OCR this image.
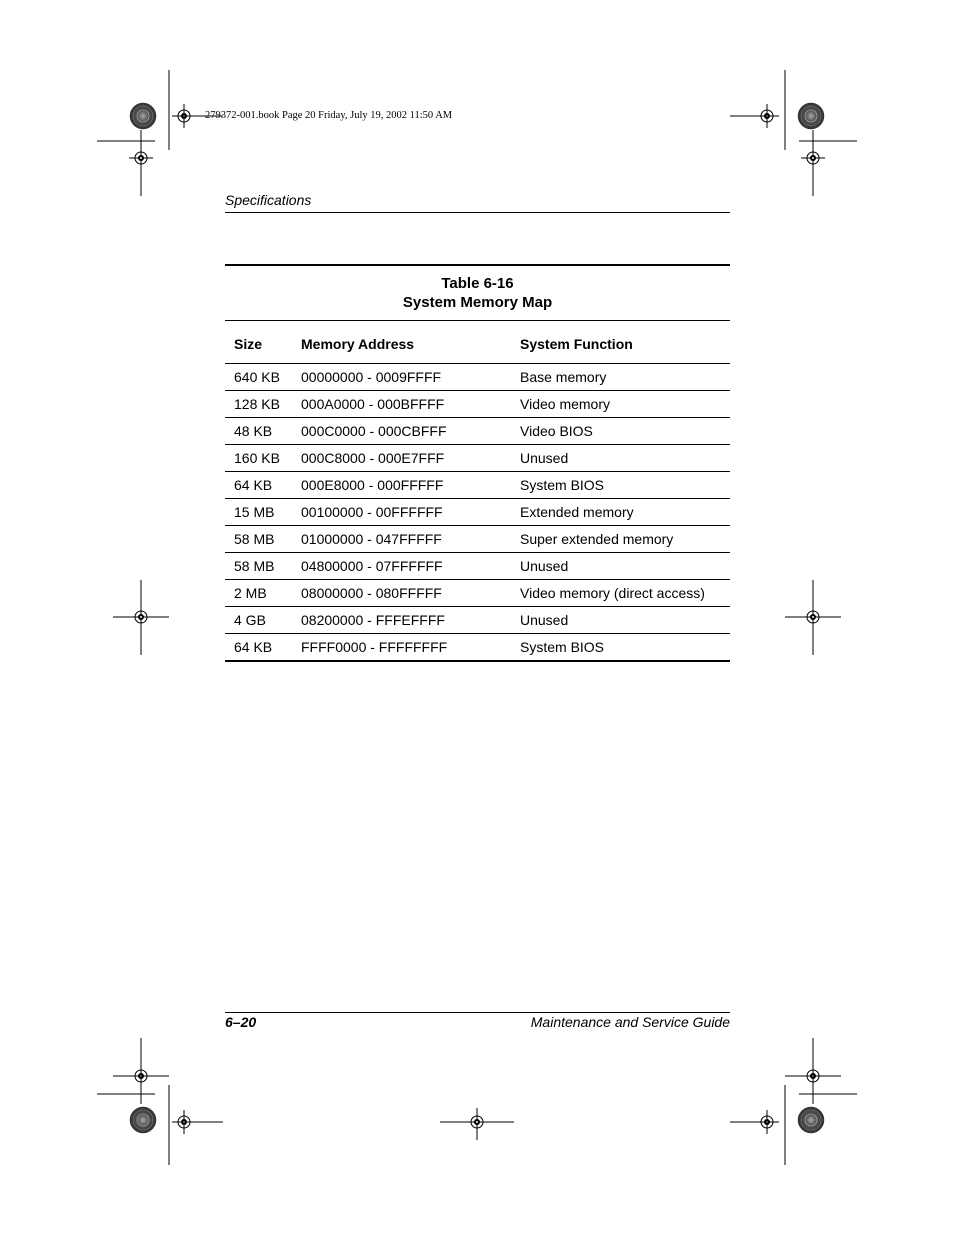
279372-001.book Page 20 Friday, July 19, 2002 11:50 AM
Specifications
Table 6-16
System Memory Map
Size	Memory Address	System Function
640 KB	00000000 - 0009FFFF	Base memory
128 KB	000A0000 - 000BFFFF	Video memory
48 KB	000C0000 - 000CBFFF	Video BIOS
160 KB	000C8000 - 000E7FFF	Unused
64 KB	000E8000 - 000FFFFF	System BIOS
15 MB	00100000 - 00FFFFFF	Extended memory
58 MB	01000000 - 047FFFFF	Super extended memory
58 MB	04800000 - 07FFFFFF	Unused
2 MB	08000000 - 080FFFFF	Video memory (direct access)
4 GB	08200000 - FFFEFFFF	Unused
64 KB	FFFF0000 - FFFFFFFF	System BIOS
6–20	Maintenance and Service Guide
